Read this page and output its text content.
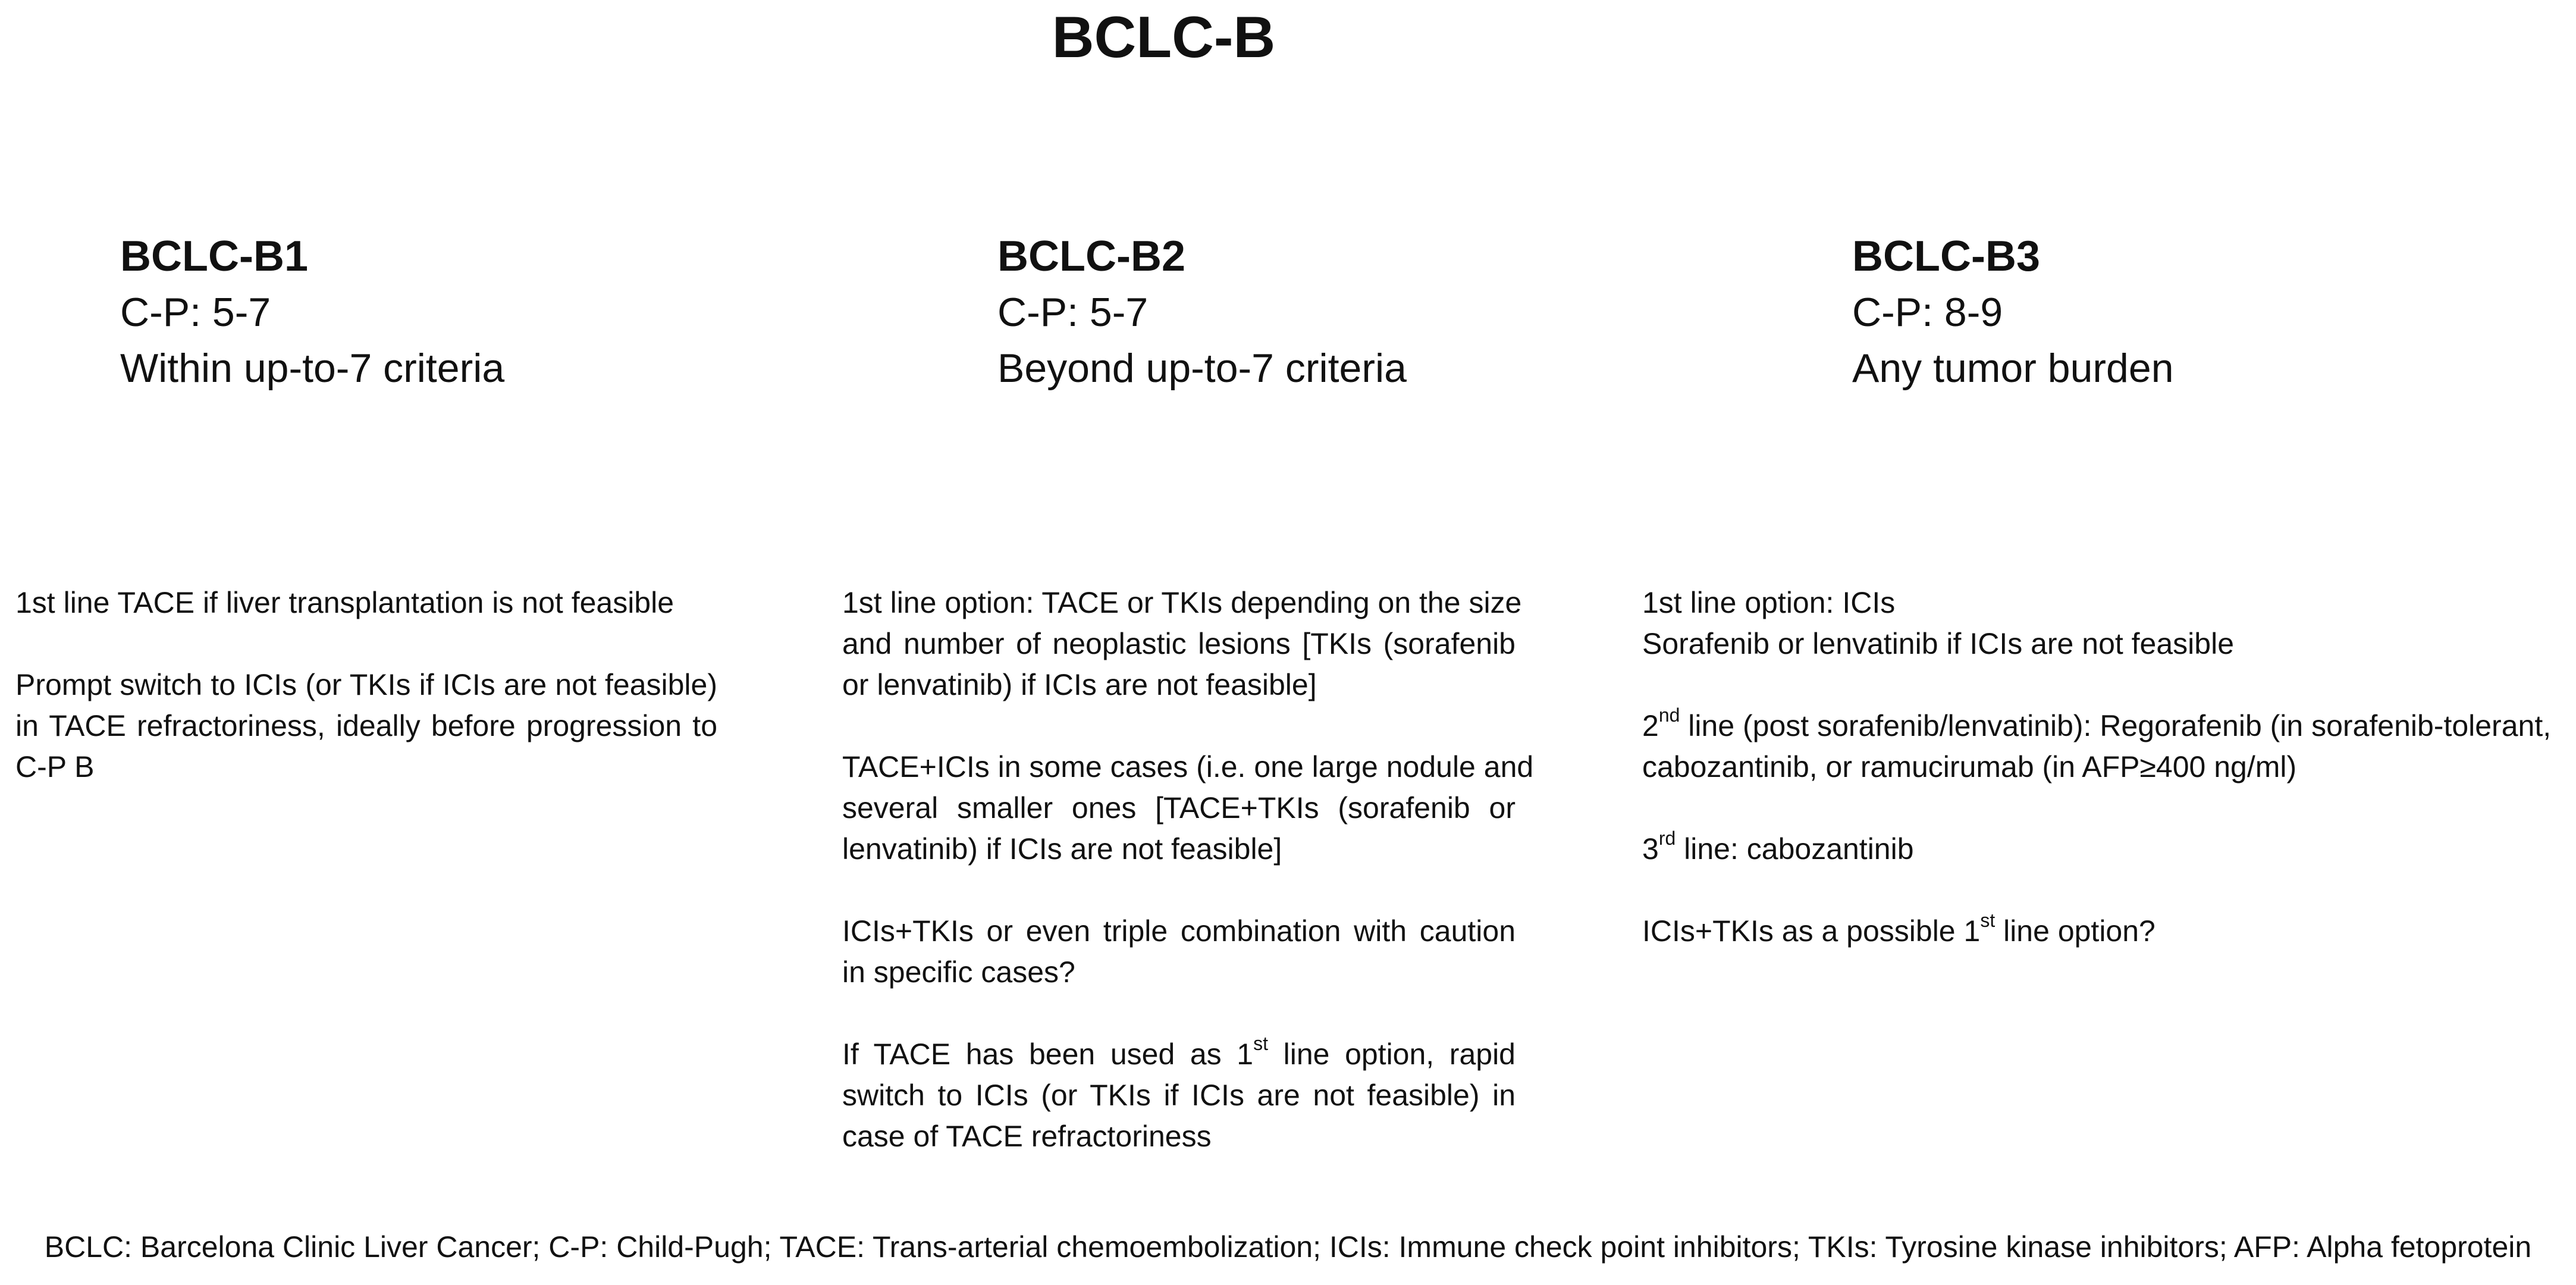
BCLC-B
BCLC-B1
C-P: 5-7
Within up-to-7 criteria
BCLC-B2
C-P: 5-7
Beyond up-to-7 criteria
BCLC-B3
C-P: 8-9
Any tumor burden
1st line TACE if liver transplantation is not feasible
Prompt switch to ICIs (or TKIs if ICIs are not feasible)
in TACE refractoriness, ideally before progression to
C-P B
1st line option: TACE or TKIs depending on the size
and number of neoplastic lesions [TKIs (sorafenib
or lenvatinib) if ICIs are not feasible]
TACE+ICIs in some cases (i.e. one large nodule and
several smaller ones [TACE+TKIs (sorafenib or
lenvatinib) if ICIs are not feasible]
ICIs+TKIs or even triple combination with caution
in specific cases?
If TACE has been used as 1st line option, rapid
switch to ICIs (or TKIs if ICIs are not feasible) in
case of TACE refractoriness
1st line option: ICIs
Sorafenib or lenvatinib if ICIs are not feasible
2nd line (post sorafenib/lenvatinib): Regorafenib (in sorafenib-tolerant,
cabozantinib, or ramucirumab (in AFP≥400 ng/ml)
3rd line: cabozantinib
ICIs+TKIs as a possible 1st line option?
BCLC: Barcelona Clinic Liver Cancer; C-P: Child-Pugh; TACE: Trans-arterial chemoembolization; ICIs: Immune check point inhibitors; TKIs: Tyrosine kinase inhibitors; AFP: Alpha fetoprotein
